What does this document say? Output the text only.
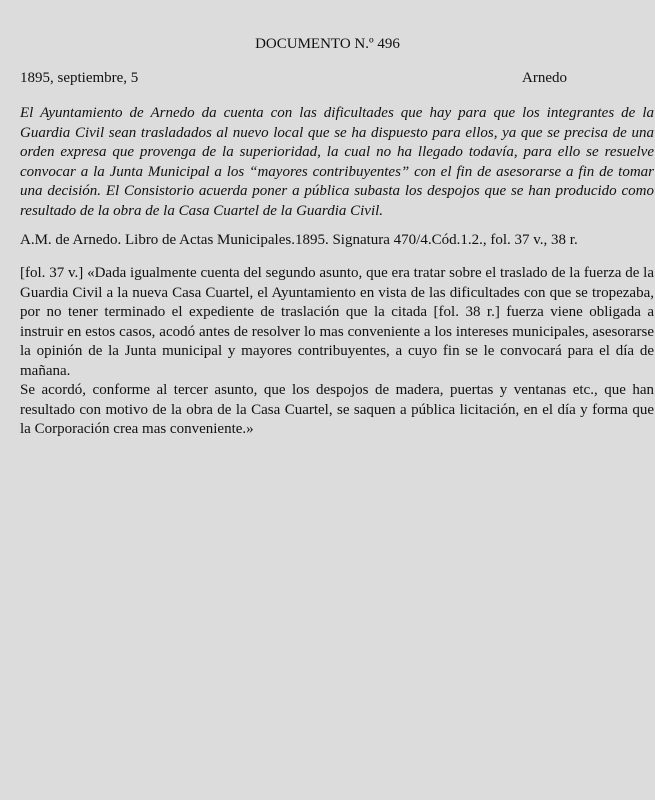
DOCUMENTO N.º 496
1895, septiembre, 5	Arnedo
El Ayuntamiento de Arnedo da cuenta con las dificultades que hay para que los integrantes de la Guardia Civil sean trasladados al nuevo local que se ha dispuesto para ellos, ya que se precisa de una orden expresa que provenga de la superioridad, la cual no ha llegado todavía, para ello se resuelve convocar a la Junta Municipal a los “mayores contribuyentes” con el fin de asesorarse a fin de tomar una decisión. El Consistorio acuerda poner a pública subasta los despojos que se han producido como resultado de la obra de la Casa Cuartel de la Guardia Civil.
A.M. de Arnedo. Libro de Actas Municipales.1895. Signatura 470/4.Cód.1.2., fol. 37 v., 38 r.

[fol. 37 v.] «Dada igualmente cuenta del segundo asunto, que era tratar sobre el traslado de la fuerza de la Guardia Civil a la nueva Casa Cuartel, el Ayuntamiento en vista de las dificultades con que se tropezaba, por no tener terminado el expediente de traslación que la citada [fol. 38 r.] fuerza viene obligada a instruir en estos casos, acodó antes de resolver lo mas conveniente a los intereses municipales, asesorarse la opinión de la Junta municipal y mayores contribuyentes, a cuyo fin se le convocará para el día de mañana.

Se acordó, conforme al tercer asunto, que los despojos de madera, puertas y ventanas etc., que han resultado con motivo de la obra de la Casa Cuartel, se saquen a pública licitación, en el día y forma que la Corporación crea mas conveniente.»
